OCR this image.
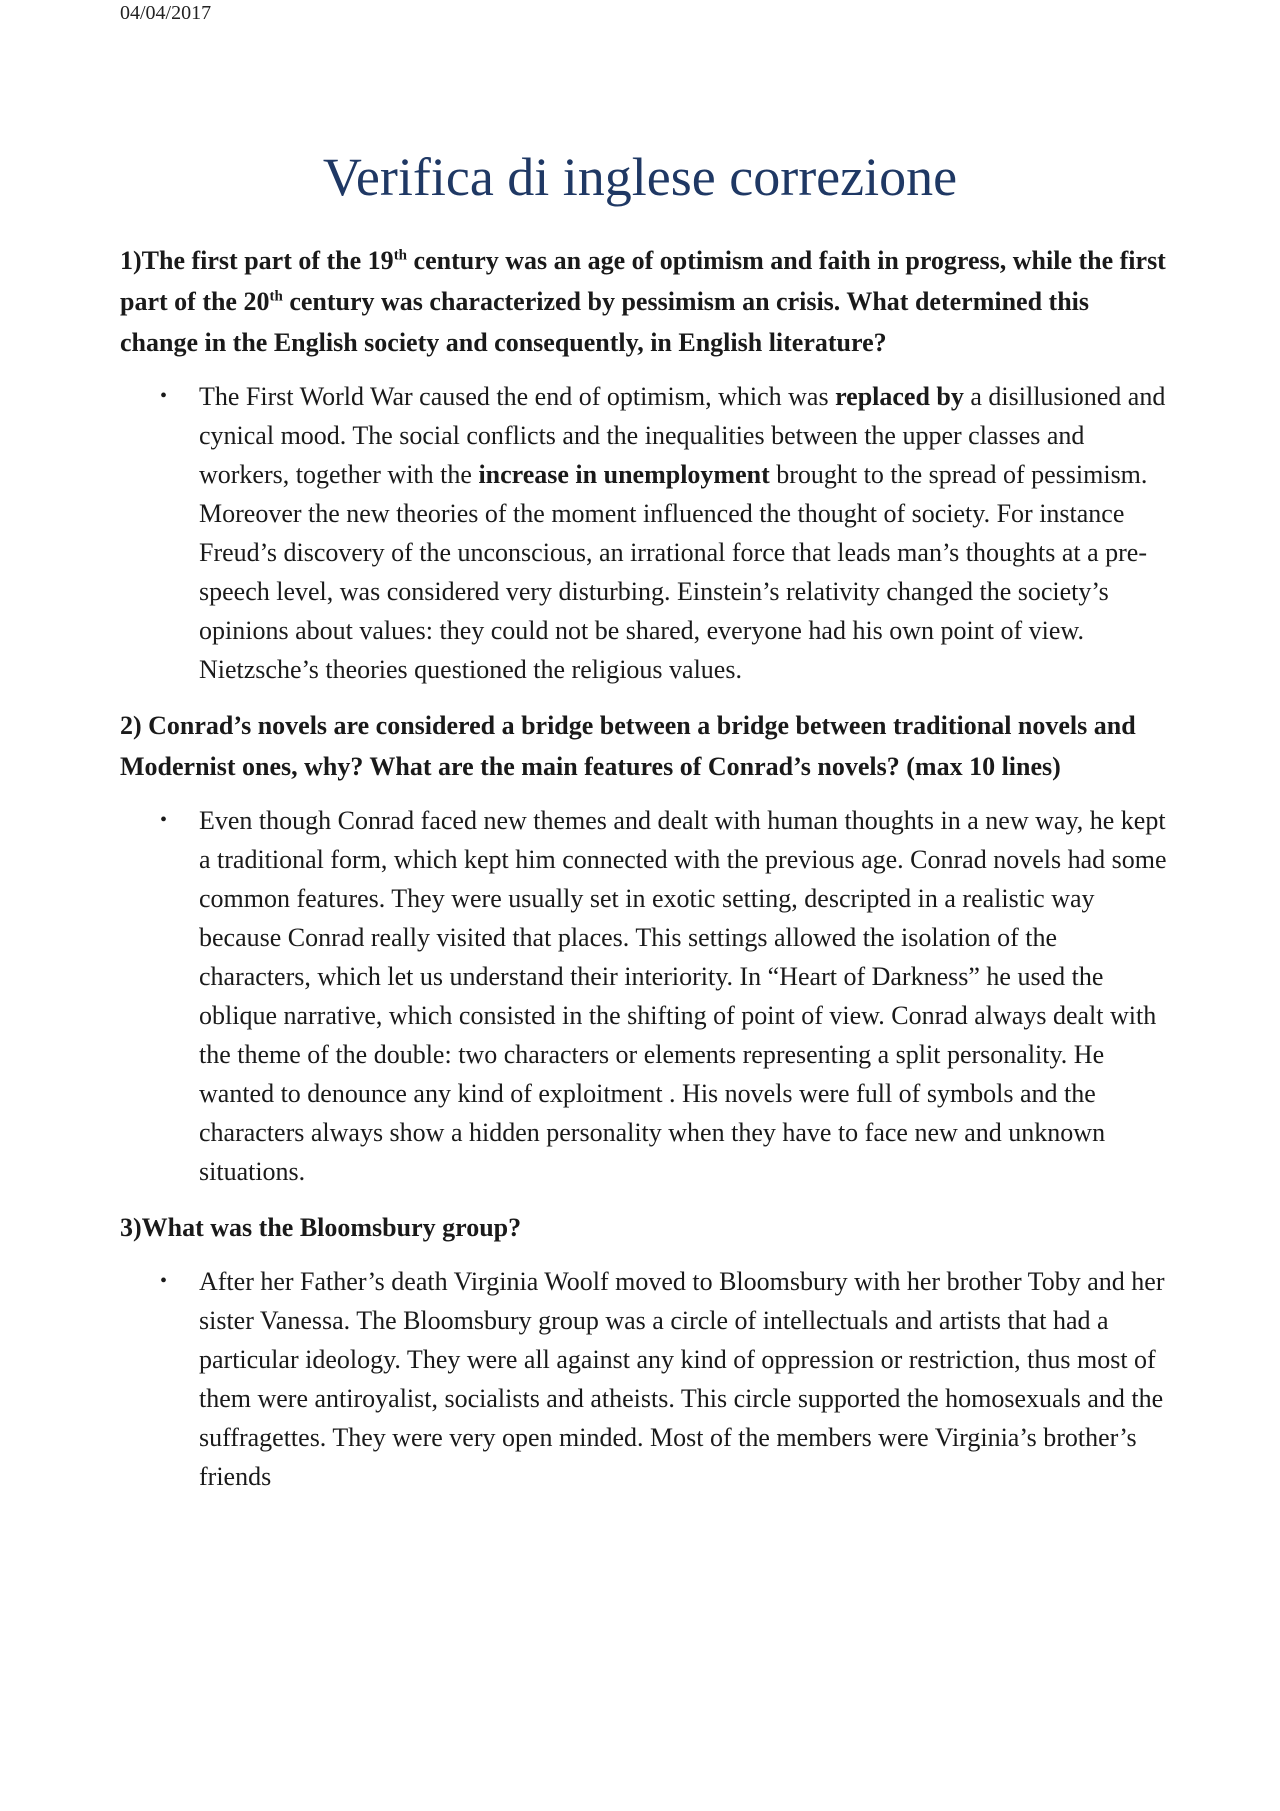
04/04/2017
Verifica di inglese correzione

1)The first part of the 19th century was an age of optimism and faith in progress, while the first part of the 20th century was characterized by pessimism an crisis. What determined this change in the English society and consequently, in English literature?

• The First World War caused the end of optimism, which was replaced by a disillusioned and cynical mood. The social conflicts and the inequalities between the upper classes and workers, together with the increase in unemployment brought to the spread of pessimism. Moreover the new theories of the moment influenced the thought of society. For instance Freud’s discovery of the unconscious, an irrational force that leads man’s thoughts at a pre-speech level, was considered very disturbing. Einstein’s relativity changed the society’s opinions about values: they could not be shared, everyone had his own point of view. Nietzsche’s theories questioned the religious values.

2) Conrad’s novels are considered a bridge between a bridge between traditional novels and Modernist ones, why? What are the main features of Conrad’s novels? (max 10 lines)

• Even though Conrad faced new themes and dealt with human thoughts in a new way, he kept a traditional form, which kept him connected with the previous age. Conrad novels had some common features. They were usually set in exotic setting, descripted in a realistic way because Conrad really visited that places. This settings allowed the isolation of the characters, which let us understand their interiority. In “Heart of Darkness” he used the oblique narrative, which consisted in the shifting of point of view. Conrad always dealt with the theme of the double: two characters or elements representing a split personality. He wanted to denounce any kind of exploitment . His novels were full of symbols and the characters always show a hidden personality when they have to face new and unknown situations.

3)What was the Bloomsbury group?

• After her Father’s death Virginia Woolf moved to Bloomsbury with her brother Toby and her sister Vanessa. The Bloomsbury group was a circle of intellectuals and artists that had a particular ideology. They were all against any kind of oppression or restriction, thus most of them were antiroyalist, socialists and atheists. This circle supported the homosexuals and the suffragettes. They were very open minded. Most of the members were Virginia’s brother’s friends
